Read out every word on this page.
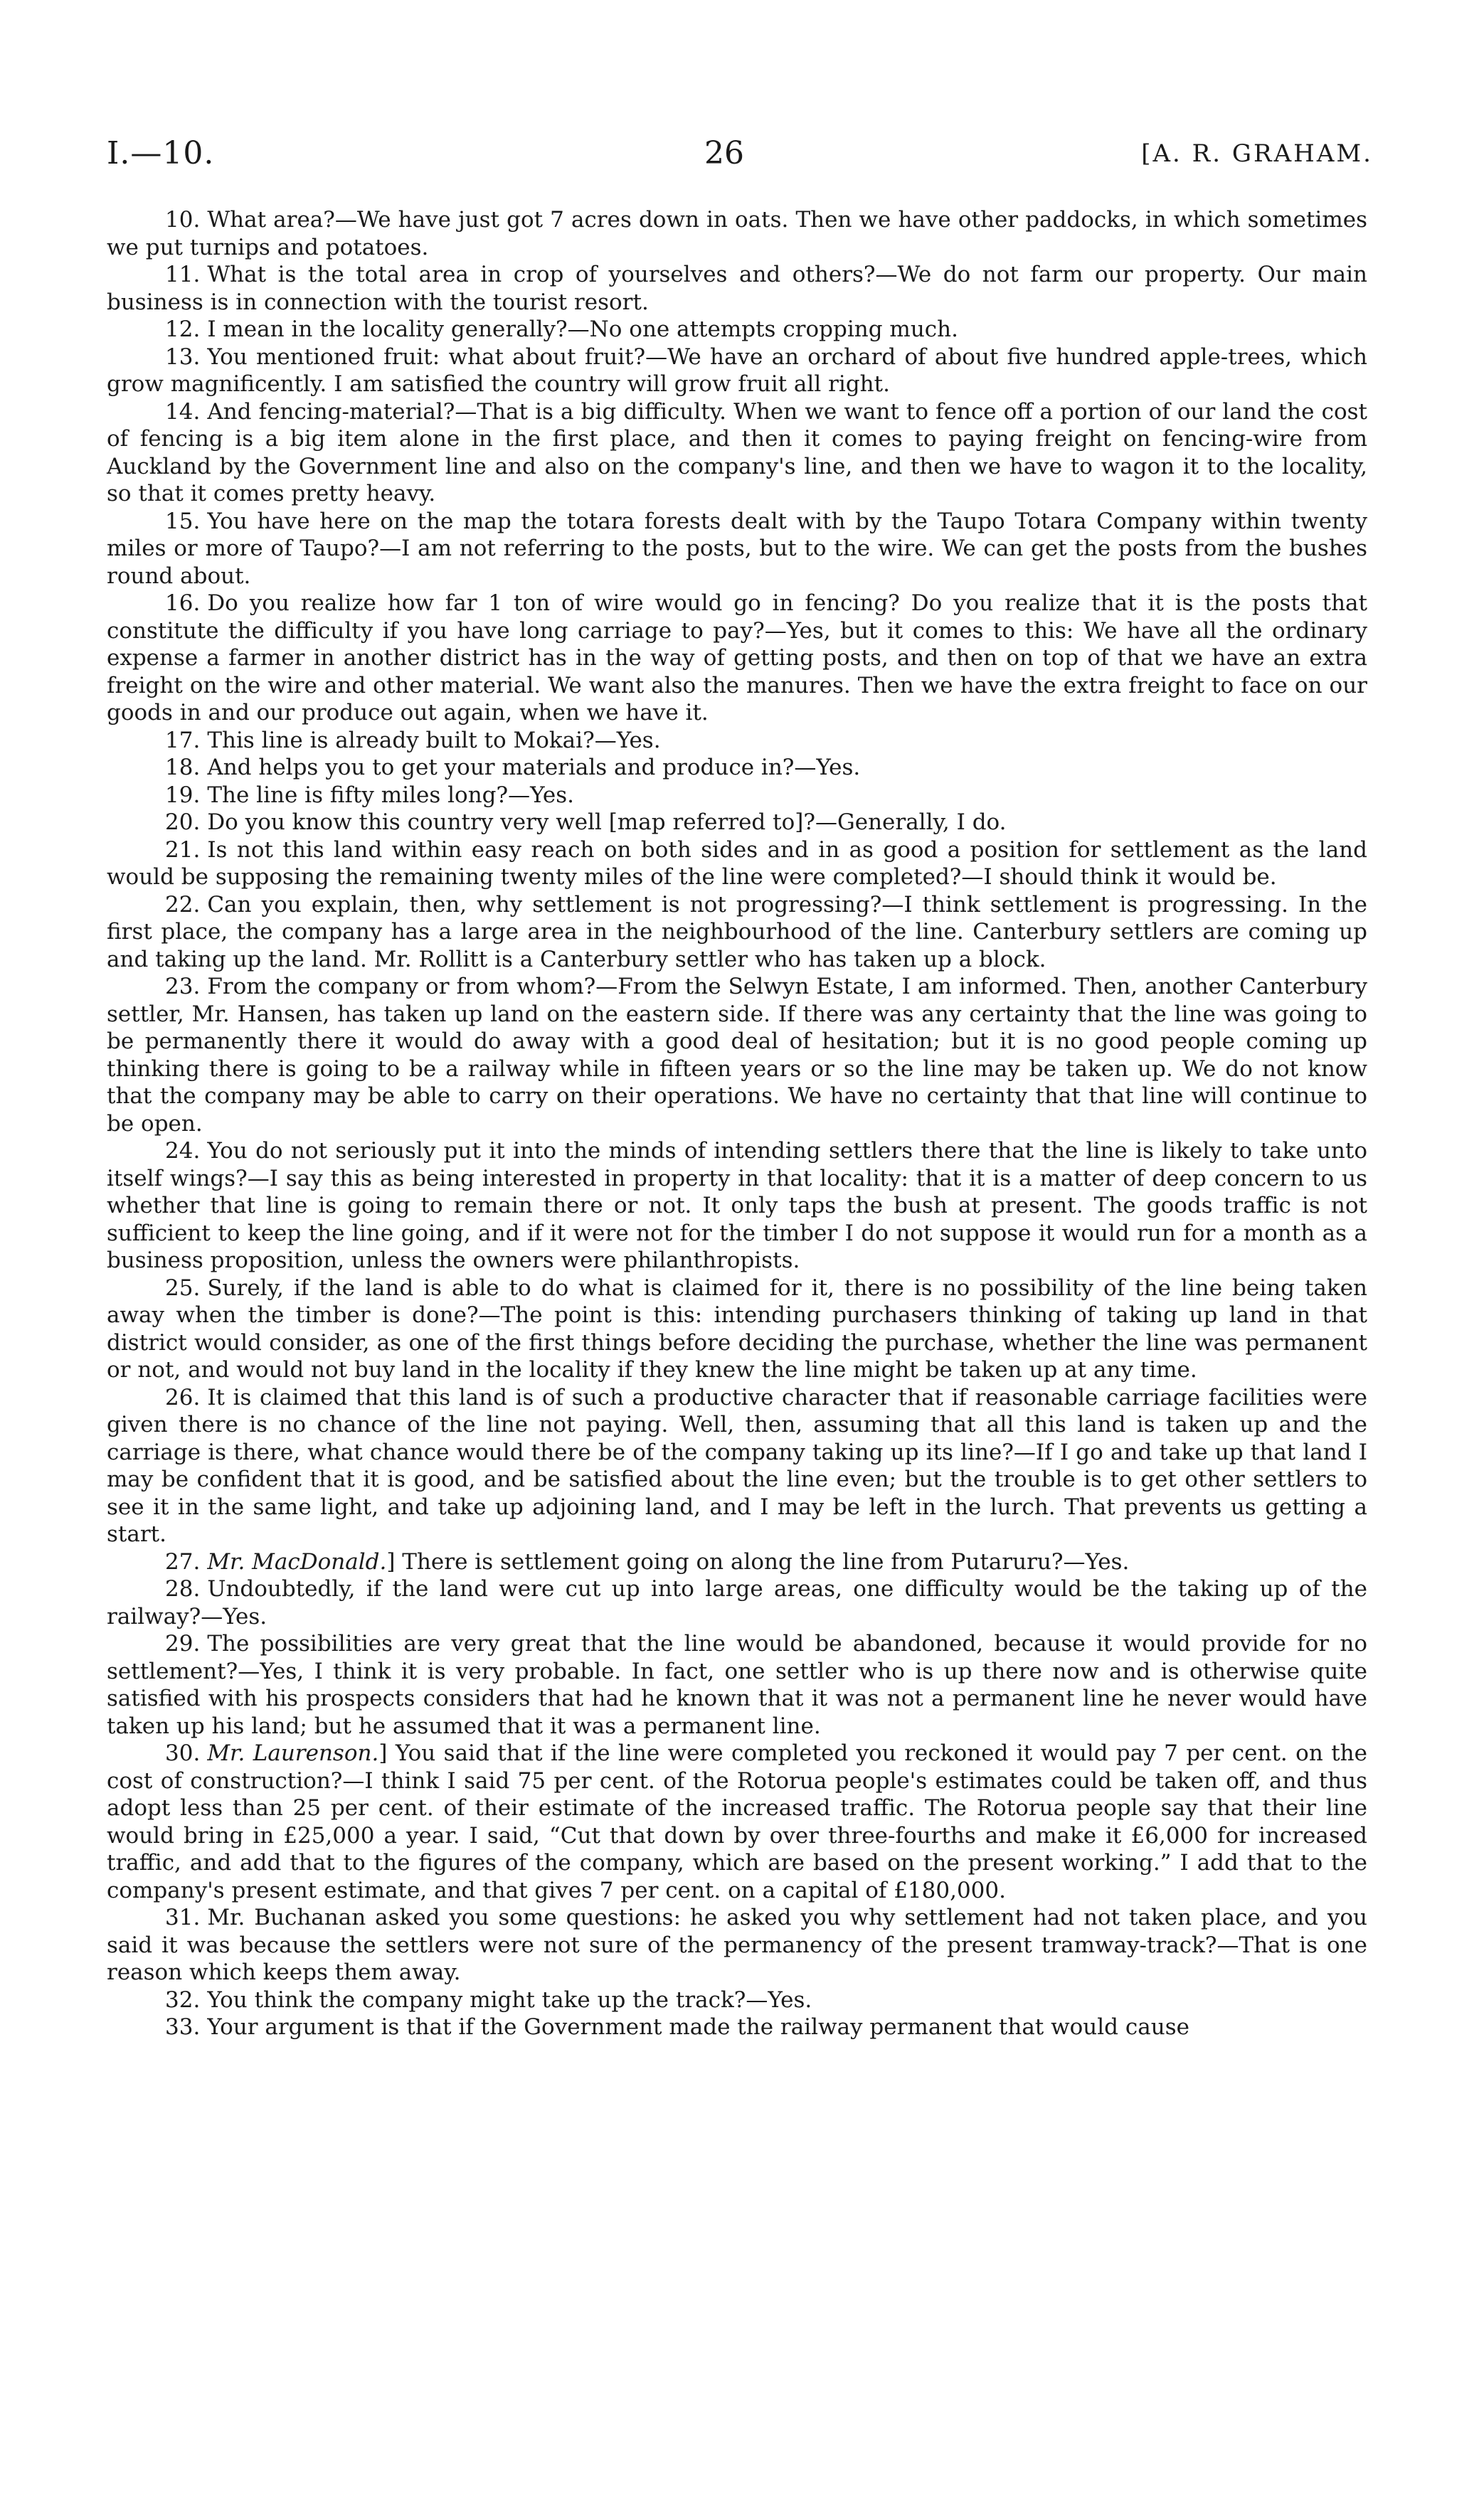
I.—10.	26	[A. R. GRAHAM.

10. What area?—We have just got 7 acres down in oats. Then we have other paddocks, in which sometimes we put turnips and potatoes.

11. What is the total area in crop of yourselves and others?—We do not farm our property. Our main business is in connection with the tourist resort.

12. I mean in the locality generally?—No one attempts cropping much.

13. You mentioned fruit: what about fruit?—We have an orchard of about five hundred apple-trees, which grow magnificently. I am satisfied the country will grow fruit all right.

14. And fencing-material?—That is a big difficulty. When we want to fence off a portion of our land the cost of fencing is a big item alone in the first place, and then it comes to paying freight on fencing-wire from Auckland by the Government line and also on the company's line, and then we have to wagon it to the locality, so that it comes pretty heavy.

15. You have here on the map the totara forests dealt with by the Taupo Totara Company within twenty miles or more of Taupo?—I am not referring to the posts, but to the wire. We can get the posts from the bushes round about.

16. Do you realize how far 1 ton of wire would go in fencing? Do you realize that it is the posts that constitute the difficulty if you have long carriage to pay?—Yes, but it comes to this: We have all the ordinary expense a farmer in another district has in the way of getting posts, and then on top of that we have an extra freight on the wire and other material. We want also the manures. Then we have the extra freight to face on our goods in and our produce out again, when we have it.

17. This line is already built to Mokai?—Yes.

18. And helps you to get your materials and produce in?—Yes.

19. The line is fifty miles long?—Yes.

20. Do you know this country very well [map referred to]?—Generally, I do.

21. Is not this land within easy reach on both sides and in as good a position for settlement as the land would be supposing the remaining twenty miles of the line were completed?—I should think it would be.

22. Can you explain, then, why settlement is not progressing?—I think settlement is progressing. In the first place, the company has a large area in the neighbourhood of the line. Canterbury settlers are coming up and taking up the land. Mr. Rollitt is a Canterbury settler who has taken up a block.

23. From the company or from whom?—From the Selwyn Estate, I am informed. Then, another Canterbury settler, Mr. Hansen, has taken up land on the eastern side. If there was any certainty that the line was going to be permanently there it would do away with a good deal of hesitation; but it is no good people coming up thinking there is going to be a railway while in fifteen years or so the line may be taken up. We do not know that the company may be able to carry on their operations. We have no certainty that that line will continue to be open.

24. You do not seriously put it into the minds of intending settlers there that the line is likely to take unto itself wings?—I say this as being interested in property in that locality: that it is a matter of deep concern to us whether that line is going to remain there or not. It only taps the bush at present. The goods traffic is not sufficient to keep the line going, and if it were not for the timber I do not suppose it would run for a month as a business proposition, unless the owners were philanthropists.

25. Surely, if the land is able to do what is claimed for it, there is no possibility of the line being taken away when the timber is done?—The point is this: intending purchasers thinking of taking up land in that district would consider, as one of the first things before deciding the purchase, whether the line was permanent or not, and would not buy land in the locality if they knew the line might be taken up at any time.

26. It is claimed that this land is of such a productive character that if reasonable carriage facilities were given there is no chance of the line not paying. Well, then, assuming that all this land is taken up and the carriage is there, what chance would there be of the company taking up its line?—If I go and take up that land I may be confident that it is good, and be satisfied about the line even; but the trouble is to get other settlers to see it in the same light, and take up adjoining land, and I may be left in the lurch. That prevents us getting a start.

27. Mr. MacDonald.] There is settlement going on along the line from Putaruru?—Yes.

28. Undoubtedly, if the land were cut up into large areas, one difficulty would be the taking up of the railway?—Yes.

29. The possibilities are very great that the line would be abandoned, because it would provide for no settlement?—Yes, I think it is very probable. In fact, one settler who is up there now and is otherwise quite satisfied with his prospects considers that had he known that it was not a permanent line he never would have taken up his land; but he assumed that it was a permanent line.

30. Mr. Laurenson.] You said that if the line were completed you reckoned it would pay 7 per cent. on the cost of construction?—I think I said 75 per cent. of the Rotorua people's estimates could be taken off, and thus adopt less than 25 per cent. of their estimate of the increased traffic. The Rotorua people say that their line would bring in £25,000 a year. I said, “Cut that down by over three-fourths and make it £6,000 for increased traffic, and add that to the figures of the company, which are based on the present working.” I add that to the company's present estimate, and that gives 7 per cent. on a capital of £180,000.

31. Mr. Buchanan asked you some questions: he asked you why settlement had not taken place, and you said it was because the settlers were not sure of the permanency of the present tramway-track?—That is one reason which keeps them away.

32. You think the company might take up the track?—Yes.

33. Your argument is that if the Government made the railway permanent that would cause
